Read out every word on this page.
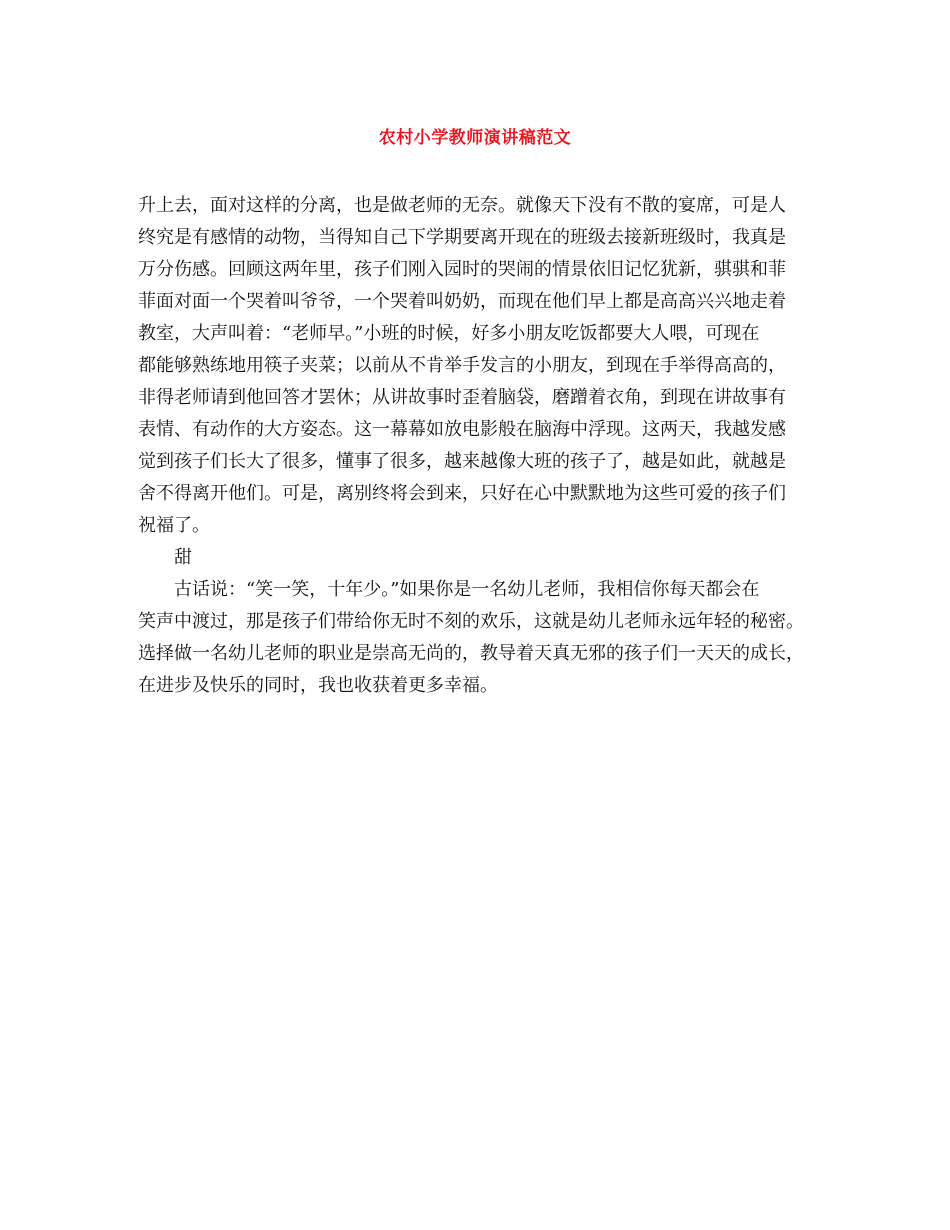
农村小学教师演讲稿范文
升上去，面对这样的分离，也是做老师的无奈。就像天下没有不散的宴席，可是人
终究是有感情的动物，当得知自己下学期要离开现在的班级去接新班级时，我真是
万分伤感。回顾这两年里，孩子们刚入园时的哭闹的情景依旧记忆犹新，骐骐和菲
菲面对面一个哭着叫爷爷，一个哭着叫奶奶，而现在他们早上都是高高兴兴地走着
教室，大声叫着：“老师早。”小班的时候，好多小朋友吃饭都要大人喂，可现在
都能够熟练地用筷子夹菜；以前从不肯举手发言的小朋友，到现在手举得高高的，
非得老师请到他回答才罢休；从讲故事时歪着脑袋，磨蹭着衣角，到现在讲故事有
表情、有动作的大方姿态。这一幕幕如放电影般在脑海中浮现。这两天，我越发感
觉到孩子们长大了很多，懂事了很多，越来越像大班的孩子了，越是如此，就越是
舍不得离开他们。可是，离别终将会到来，只好在心中默默地为这些可爱的孩子们
祝福了。
甜
古话说：“笑一笑，十年少。”如果你是一名幼儿老师，我相信你每天都会在
笑声中渡过，那是孩子们带给你无时不刻的欢乐，这就是幼儿老师永远年轻的秘密。
选择做一名幼儿老师的职业是崇高无尚的，教导着天真无邪的孩子们一天天的成长，
在进步及快乐的同时，我也收获着更多幸福。
